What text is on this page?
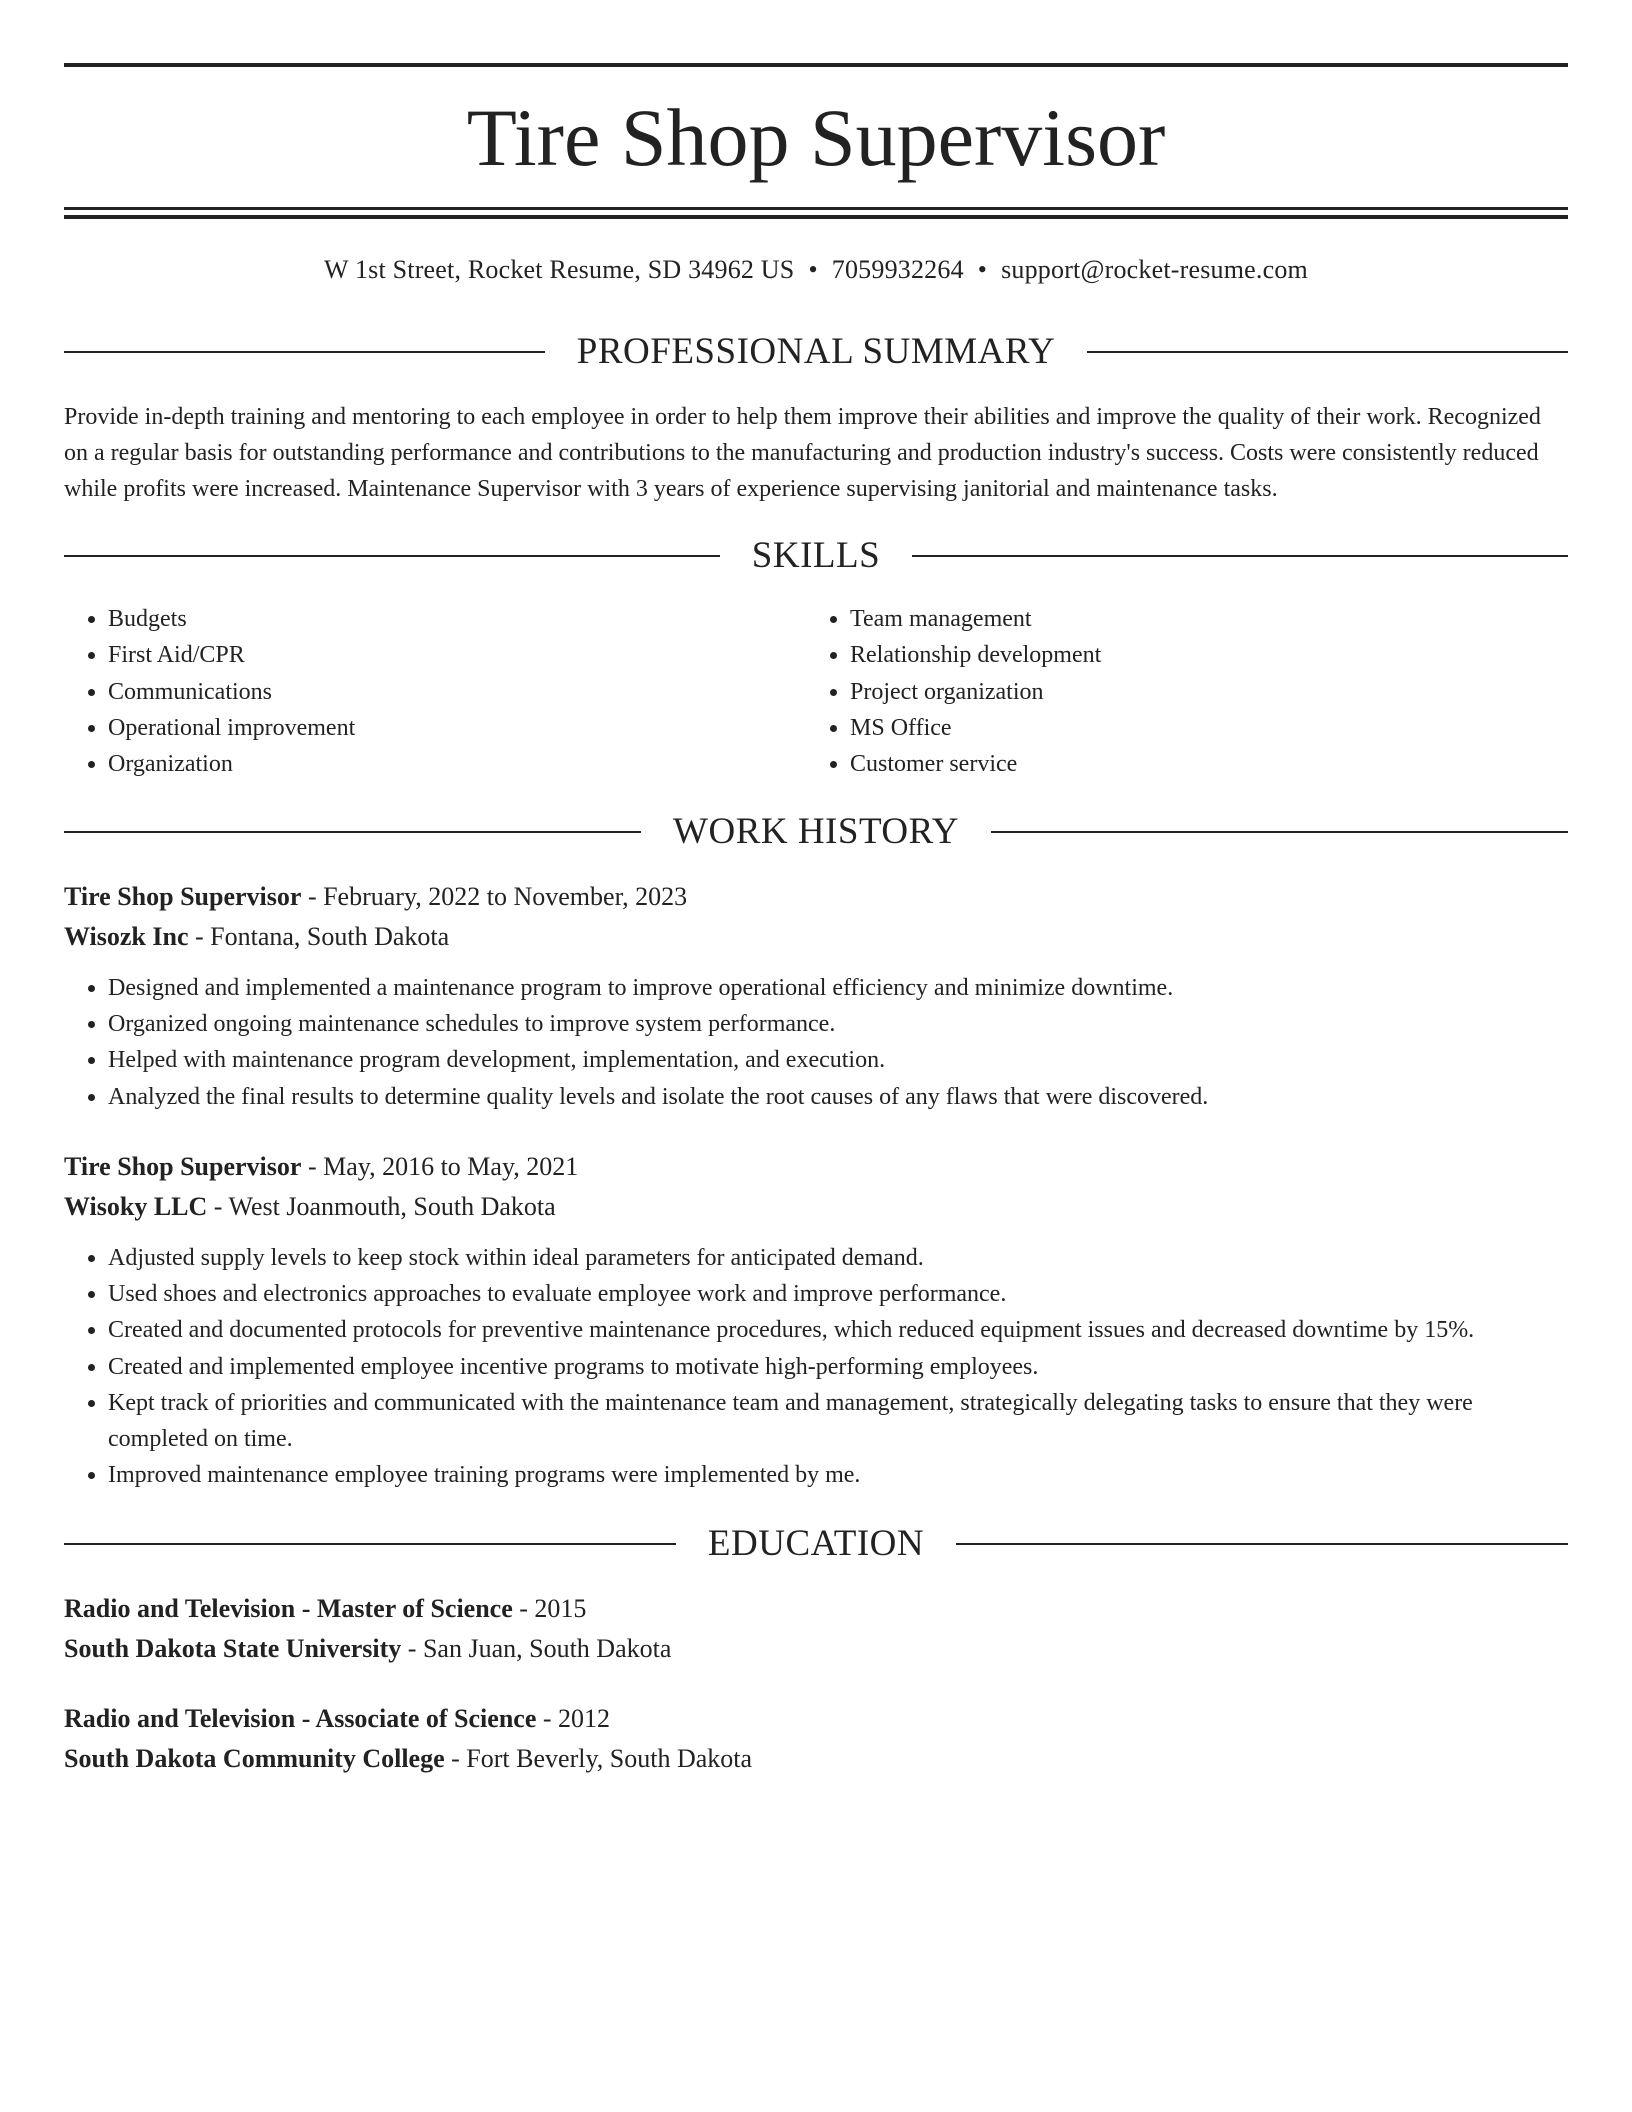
Tire Shop Supervisor
W 1st Street, Rocket Resume, SD 34962 US • 7059932264 • support@rocket-resume.com
PROFESSIONAL SUMMARY

Provide in-depth training and mentoring to each employee in order to help them improve their abilities and improve the quality of their work. Recognized on a regular basis for outstanding performance and contributions to the manufacturing and production industry's success. Costs were consistently reduced while profits were increased. Maintenance Supervisor with 3 years of experience supervising janitorial and maintenance tasks.

SKILLS
• Budgets
• First Aid/CPR
• Communications
• Operational improvement
• Organization
• Team management
• Relationship development
• Project organization
• MS Office
• Customer service
WORK HISTORY
Tire Shop Supervisor - February, 2022 to November, 2023
Wisozk Inc - Fontana, South Dakota
• Designed and implemented a maintenance program to improve operational efficiency and minimize downtime.
• Organized ongoing maintenance schedules to improve system performance.
• Helped with maintenance program development, implementation, and execution.
• Analyzed the final results to determine quality levels and isolate the root causes of any flaws that were discovered.
Tire Shop Supervisor - May, 2016 to May, 2021
Wisoky LLC - West Joanmouth, South Dakota
• Adjusted supply levels to keep stock within ideal parameters for anticipated demand.
• Used shoes and electronics approaches to evaluate employee work and improve performance.
• Created and documented protocols for preventive maintenance procedures, which reduced equipment issues and decreased downtime by 15%.
• Created and implemented employee incentive programs to motivate high-performing employees.
• Kept track of priorities and communicated with the maintenance team and management, strategically delegating tasks to ensure that they were completed on time.
• Improved maintenance employee training programs were implemented by me.
EDUCATION
Radio and Television - Master of Science - 2015
South Dakota State University - San Juan, South Dakota
Radio and Television - Associate of Science - 2012
South Dakota Community College - Fort Beverly, South Dakota
